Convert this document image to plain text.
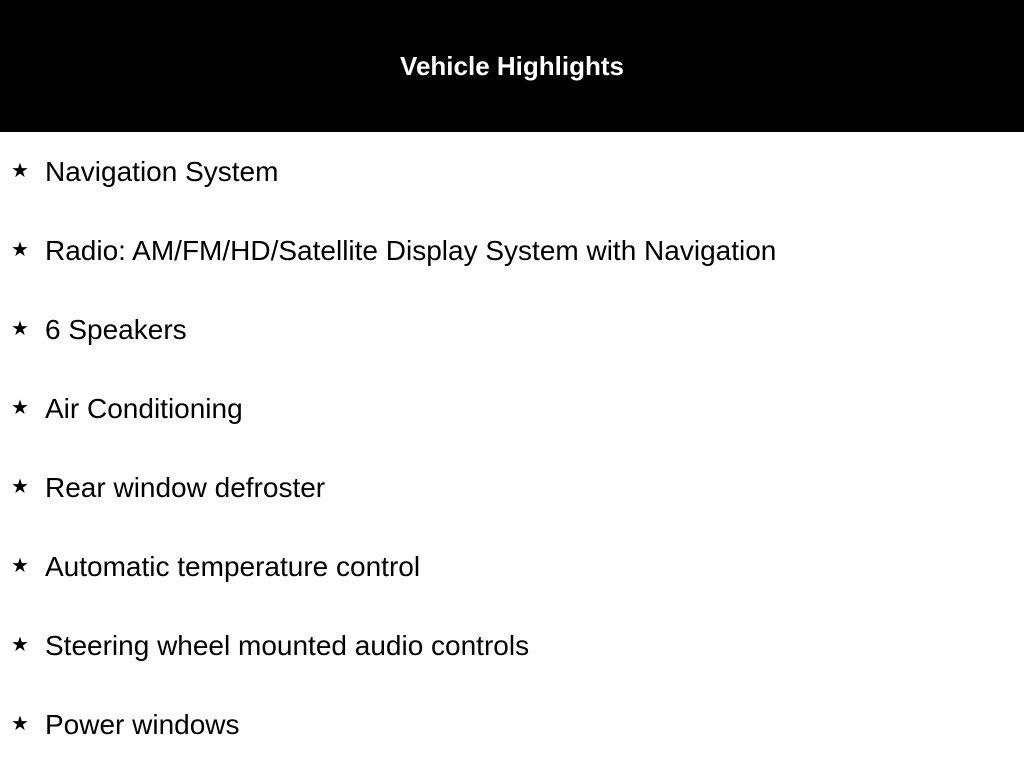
Vehicle Highlights
★ Navigation System
★ Radio: AM/FM/HD/Satellite Display System with Navigation
★ 6 Speakers
★ Air Conditioning
★ Rear window defroster
★ Automatic temperature control
★ Steering wheel mounted audio controls
★ Power windows
